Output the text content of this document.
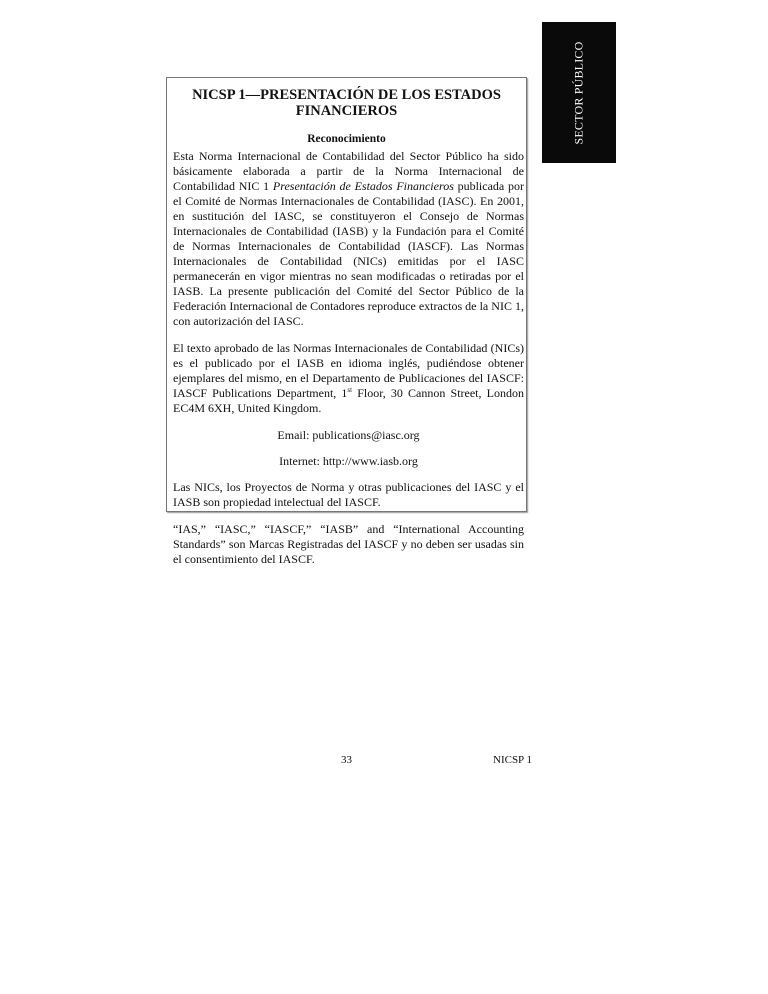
SECTOR PÚBLICO
NICSP 1—PRESENTACIÓN DE LOS ESTADOS
FINANCIEROS
Reconocimiento

Esta Norma Internacional de Contabilidad del Sector Público ha sido básicamente elaborada a partir de la Norma Internacional de Contabilidad NIC 1 Presentación de Estados Financieros publicada por el Comité de Normas Internacionales de Contabilidad (IASC). En 2001, en sustitución del IASC, se constituyeron el Consejo de Normas Internacionales de Contabilidad (IASB) y la Fundación para el Comité de Normas Internacionales de Contabilidad (IASCF). Las Normas Internacionales de Contabilidad (NICs) emitidas por el IASC permanecerán en vigor mientras no sean modificadas o retiradas por el IASB. La presente publicación del Comité del Sector Público de la Federación Internacional de Contadores reproduce extractos de la NIC 1, con autorización del IASC.

El texto aprobado de las Normas Internacionales de Contabilidad (NICs) es el publicado por el IASB en idioma inglés, pudiéndose obtener ejemplares del mismo, en el Departamento de Publicaciones del IASCF: IASCF Publications Department, 1st Floor, 30 Cannon Street, London EC4M 6XH, United Kingdom.

Email: publications@iasc.org

Internet: http://www.iasb.org

Las NICs, los Proyectos de Norma y otras publicaciones del IASC y el IASB son propiedad intelectual del IASCF.

“IAS,” “IASC,” “IASCF,” “IASB” and “International Accounting Standards” son Marcas Registradas del IASCF y no deben ser usadas sin el consentimiento del IASCF.

33	NICSP 1
